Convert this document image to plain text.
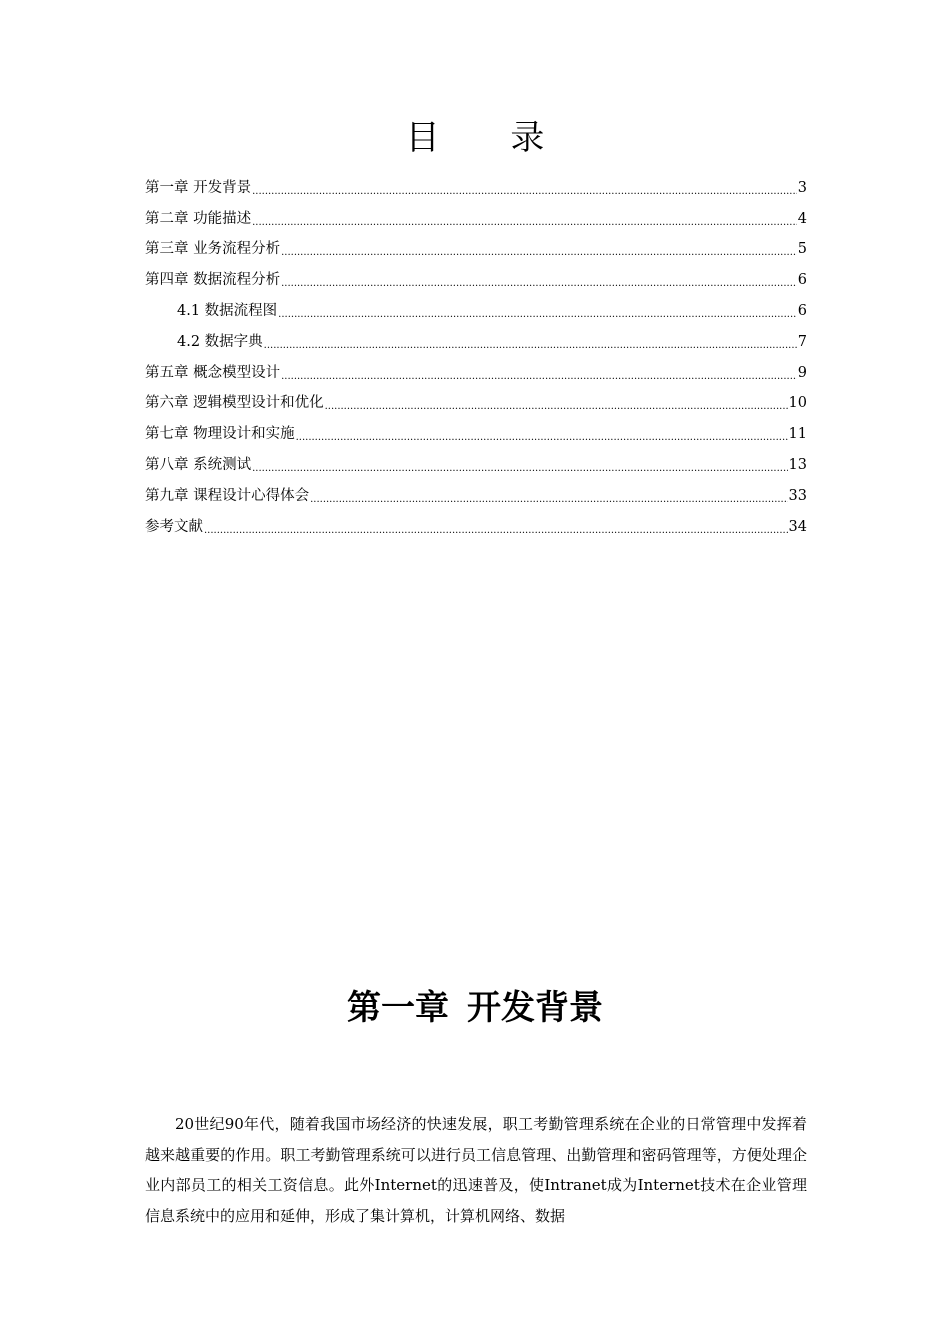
目 录
第一章 开发背景 .....	3
第二章 功能描述 .....	4
第三章 业务流程分析 .....	5
第四章 数据流程分析 .....	6
4.1 数据流程图 .....	6
4.2 数据字典 .....	7
第五章 概念模型设计 .....	9
第六章 逻辑模型设计和优化 .....	10
第七章 物理设计和实施 .....	11
第八章 系统测试 .....	13
第九章 课程设计心得体会 .....	33
参考文献 .....	34
第一章 开发背景

20世纪90年代，随着我国市场经济的快速发展，职工考勤管理系统在企业的日常管理中发挥着越来越重要的作用。职工考勤管理系统可以进行员工信息管理、出勤管理和密码管理等，方便处理企业内部员工的相关工资信息。此外Internet的迅速普及，使Intranet成为Internet技术在企业管理信息系统中的应用和延伸，形成了集计算机，计算机网络、数据
